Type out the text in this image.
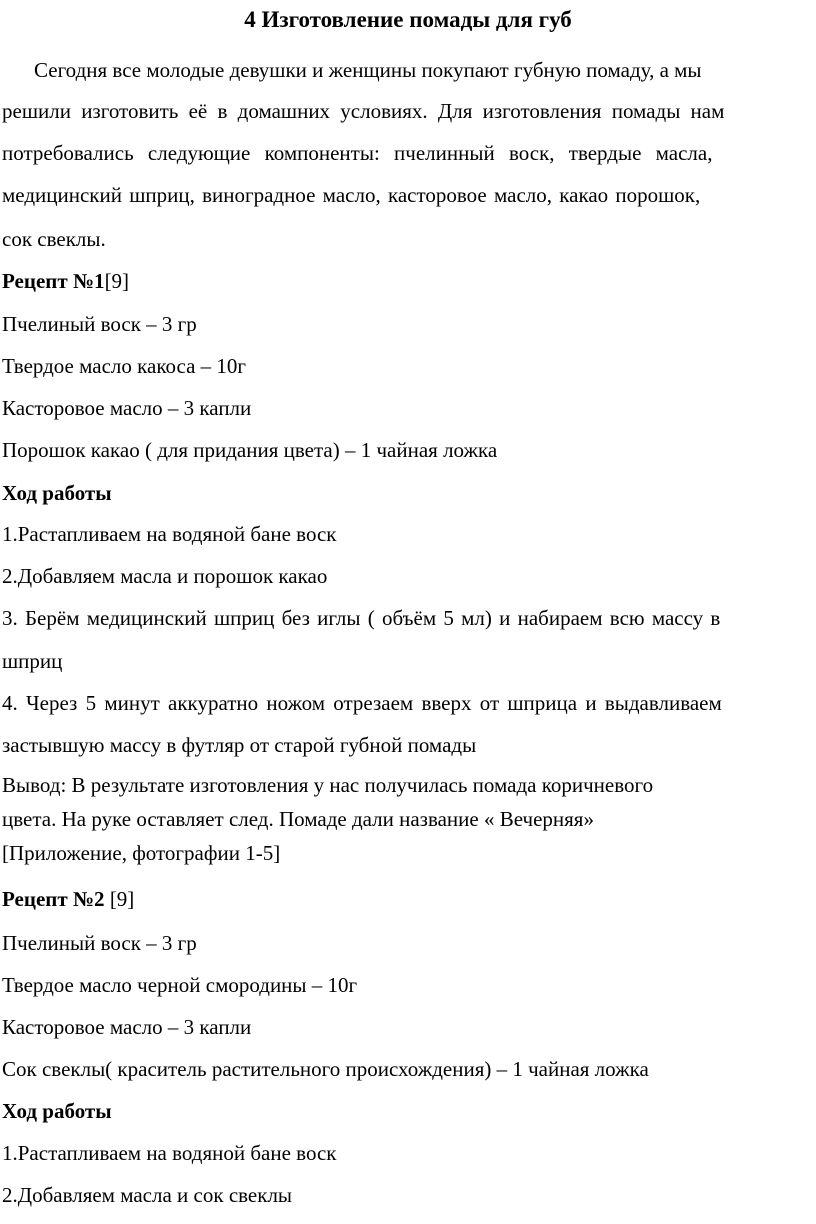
4 Изготовление помады для губ
Сегодня все молодые девушки и женщины покупают губную помаду, а мы
решили изготовить её в домашних условиях. Для изготовления помады нам
потребовались следующие компоненты: пчелинный воск, твердые масла,
медицинский шприц, виноградное масло, касторовое масло, какао порошок,
сок свеклы.
Рецепт №1[9]
Пчелиный воск – 3 гр
Твердое масло какоса – 10г
Касторовое масло – 3 капли
Порошок какао ( для придания цвета) – 1 чайная ложка
Ход работы
1.Растапливаем на водяной бане воск
2.Добавляем масла и порошок какао
3. Берём медицинский шприц без иглы ( объём 5 мл) и набираем всю массу в
шприц
4. Через 5 минут аккуратно ножом отрезаем вверх от шприца и выдавливаем
застывшую массу в футляр от старой губной помады
Вывод: В результате изготовления у нас получилась помада коричневого
цвета. На руке оставляет след. Помаде дали название « Вечерняя»
[Приложение, фотографии 1-5]
Рецепт №2 [9]
Пчелиный воск – 3 гр
Твердое масло черной смородины – 10г
Касторовое масло – 3 капли
Сок свеклы( краситель растительного происхождения) – 1 чайная ложка
Ход работы
1.Растапливаем на водяной бане воск
2.Добавляем масла и сок свеклы
